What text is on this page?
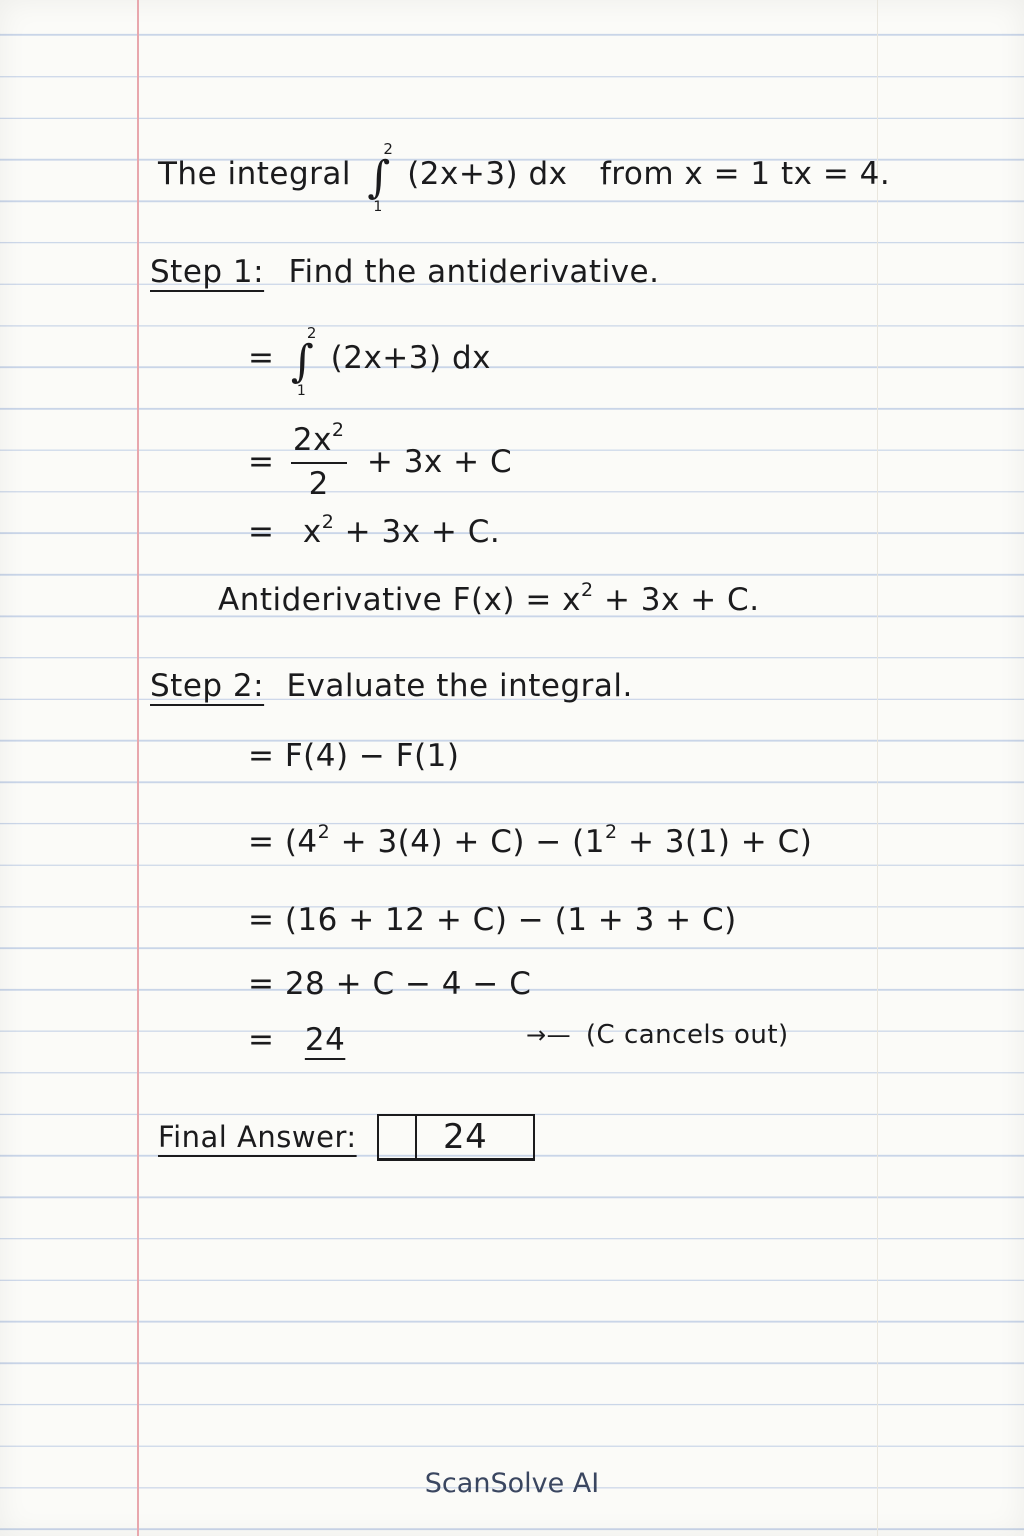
The integral ∫
2
1
(2x+3) dx from x = 1 tx = 4.
Step 1: Find the antiderivative.
= ∫
2
1
(2x+3) dx
= $\frac{2x^2}{2} + 3x + C$
= $x^2 + 3x + C$.
Antiderivative $F(x) = x^2 + 3x + C$.
Step 2: Evaluate the integral.
= F(4) − F(1)
= $(4^2 + 3(4) + C) - (1^2 + 3(1) + C)$
= (16 + 12 + C) − (1 + 3 + C)
= 28 + C − 4 − C
= 24	→— (C cancels out)
Final Answer:	24
ScanSolve AI
